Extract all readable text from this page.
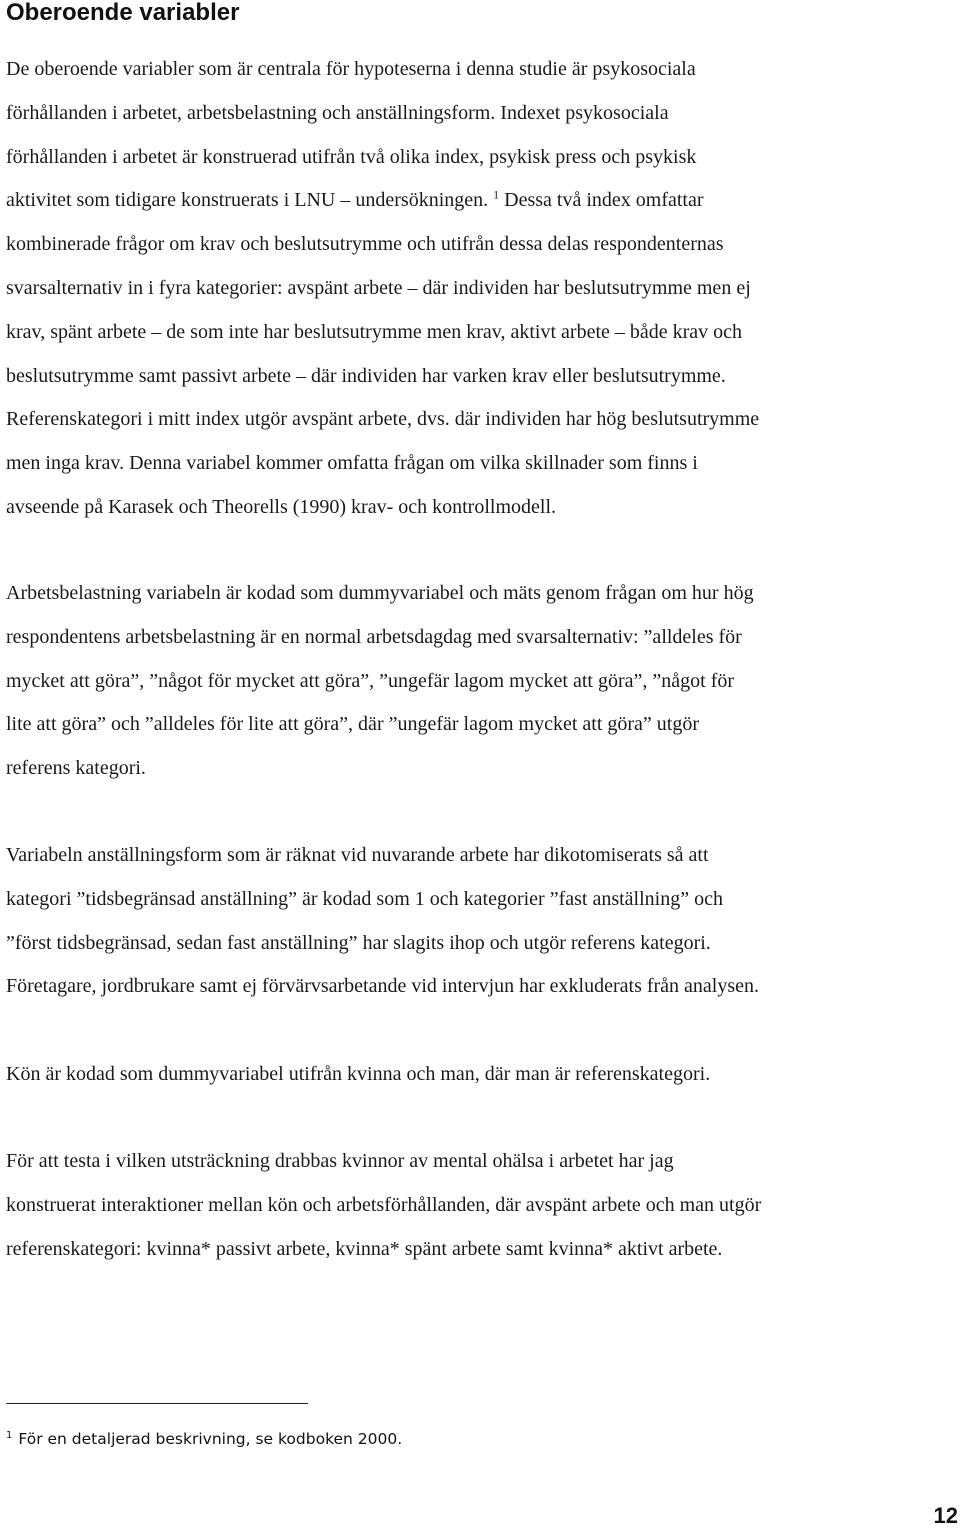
Oberoende variabler
De oberoende variabler som är centrala för hypoteserna i denna studie är psykosociala
förhållanden i arbetet, arbetsbelastning och anställningsform. Indexet psykosociala
förhållanden i arbetet är konstruerad utifrån två olika index, psykisk press och psykisk
aktivitet som tidigare konstruerats i LNU – undersökningen. $^1$ Dessa två index omfattar
kombinerade frågor om krav och beslutsutrymme och utifrån dessa delas respondenternas
svarsalternativ in i fyra kategorier: avspänt arbete – där individen har beslutsutrymme men ej
krav, spänt arbete – de som inte har beslutsutrymme men krav, aktivt arbete – både krav och
beslutsutrymme samt passivt arbete – där individen har varken krav eller beslutsutrymme.
Referenskategori i mitt index utgör avspänt arbete, dvs. där individen har hög beslutsutrymme
men inga krav. Denna variabel kommer omfatta frågan om vilka skillnader som finns i
avseende på Karasek och Theorells (1990) krav- och kontrollmodell.
Arbetsbelastning variabeln är kodad som dummyvariabel och mäts genom frågan om hur hög
respondentens arbetsbelastning är en normal arbetsdagdag med svarsalternativ: ”alldeles för
mycket att göra”, ”något för mycket att göra”, ”ungefär lagom mycket att göra”, ”något för
lite att göra” och ”alldeles för lite att göra”, där ”ungefär lagom mycket att göra” utgör
referens kategori.
Variabeln anställningsform som är räknat vid nuvarande arbete har dikotomiserats så att
kategori ”tidsbegränsad anställning” är kodad som 1 och kategorier ”fast anställning” och
”först tidsbegränsad, sedan fast anställning” har slagits ihop och utgör referens kategori.
Företagare, jordbrukare samt ej förvärvsarbetande vid intervjun har exkluderats från analysen.
Kön är kodad som dummyvariabel utifrån kvinna och man, där man är referenskategori.
För att testa i vilken utsträckning drabbas kvinnor av mental ohälsa i arbetet har jag
konstruerat interaktioner mellan kön och arbetsförhållanden, där avspänt arbete och man utgör
referenskategori: kvinna* passivt arbete, kvinna* spänt arbete samt kvinna* aktivt arbete.

$^1$ För en detaljerad beskrivning, se kodboken 2000.

12
